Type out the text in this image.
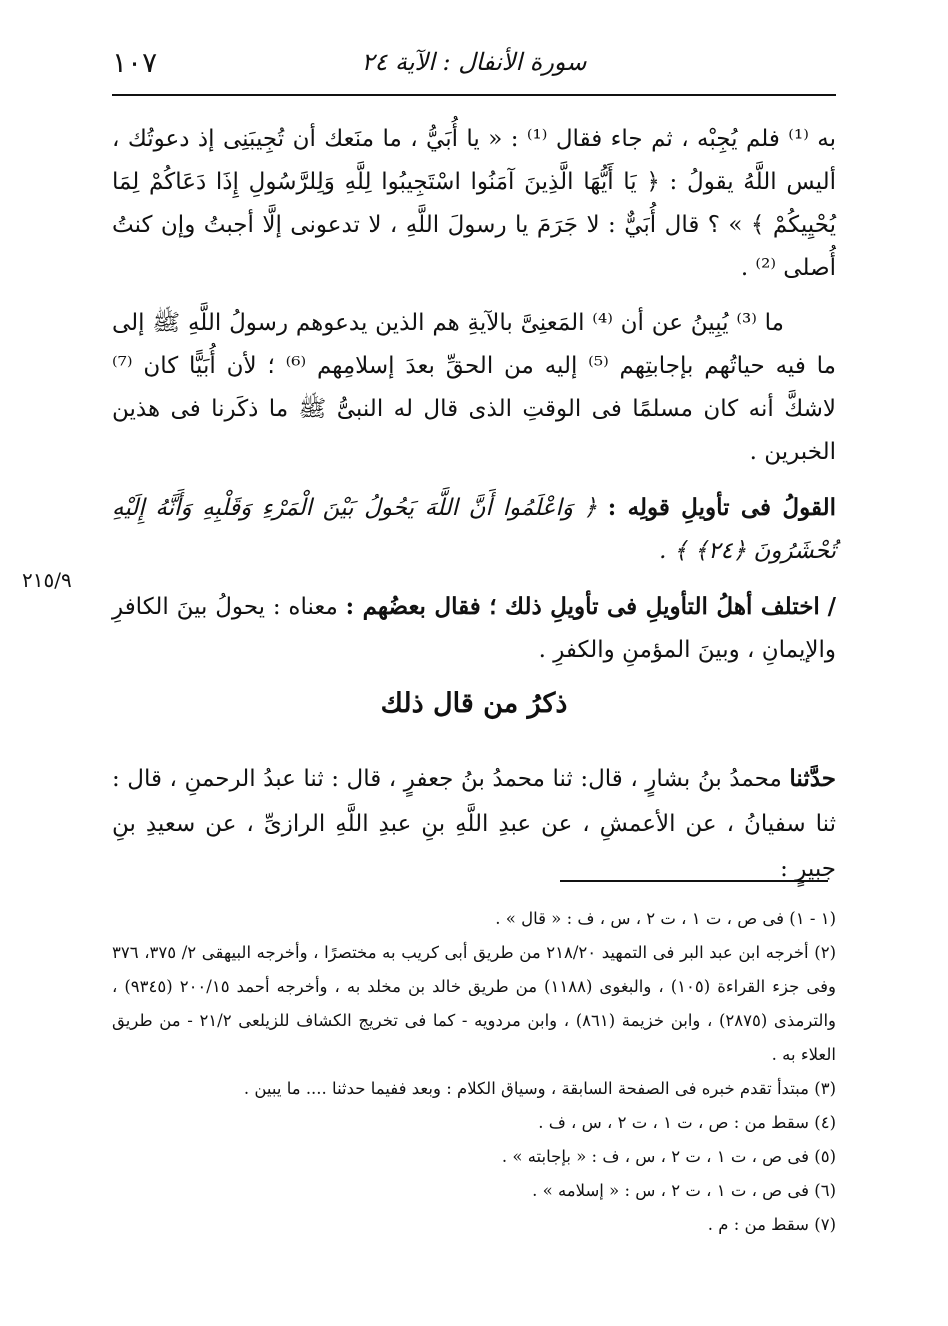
١٠٧	سورة الأنفال : الآية ٢٤

به ⁽¹⁾ فلم يُجِبْه ، ثم جاء فقال ⁽¹⁾ : « يا أُبَيُّ ، ما منَعك أن تُجِيبَنِى إذ دعوتُك ، أليس اللَّهُ يقولُ : ﴿ يَا أَيُّهَا الَّذِينَ آمَنُوا اسْتَجِيبُوا لِلَّهِ وَلِلرَّسُولِ إِذَا دَعَاكُمْ لِمَا يُحْيِيكُمْ ﴾ » ؟ قال أُبَيٌّ : لا جَرَمَ يا رسولَ اللَّهِ ، لا تدعونى إلَّا أجبتُ وإن كنتُ أُصلى ⁽²⁾ .

ما ⁽³⁾ يُبِينُ عن أن ⁽⁴⁾ المَعنِىَّ بالآيةِ هم الذين يدعوهم رسولُ اللَّهِ ﷺ إلى ما فيه حياتُهم بإجابتِهم ⁽⁵⁾ إليه من الحقِّ بعدَ إسلامِهم ⁽⁶⁾ ؛ لأن أُبَيًّا كان ⁽⁷⁾ لاشكَّ أنه كان مسلمًا فى الوقتِ الذى قال له النبىُّ ﷺ ما ذكَرنا فى هذين الخبرين .

القولُ فى تأويلِ قولِه : ﴿ وَاعْلَمُوا أَنَّ اللَّهَ يَحُولُ بَيْنَ الْمَرْءِ وَقَلْبِهِ وَأَنَّهُ إِلَيْهِ تُحْشَرُونَ ﴿٢٤﴾ ﴾ .

/ اختلف أهلُ التأويلِ فى تأويلِ ذلك ؛ فقال بعضُهم : معناه : يحولُ بينَ الكافرِ والإيمانِ ، وبينَ المؤمنِ والكفرِ .

٢١٥/٩
ذكرُ من قال ذلك

حدَّثنا محمدُ بنُ بشارٍ ، قال: ثنا محمدُ بنُ جعفرٍ ، قال : ثنا عبدُ الرحمنِ ، قال : ثنا سفيانُ ، عن الأعمشِ ، عن عبدِ اللَّهِ بنِ عبدِ اللَّهِ الرازىِّ ، عن سعيدِ بنِ جبيرٍ :

(١ - ١) فى ص ، ت ١ ، ت ٢ ، س ، ف : « قال » .
(٢) أخرجه ابن عبد البر فى التمهيد ٢١٨/٢٠ من طريق أبى كريب به مختصرًا ، وأخرجه البيهقى ٢/ ٣٧٥، ٣٧٦ وفى جزء القراءة (١٠٥) ، والبغوى (١١٨٨) من طريق خالد بن مخلد به ، وأخرجه أحمد ٢٠٠/١٥ (٩٣٤٥) ، والترمذى (٢٨٧٥) ، وابن خزيمة (٨٦١) ، وابن مردويه - كما فى تخريج الكشاف للزيلعى ٢١/٢ - من طريق العلاء به .
(٣) مبتدأ تقدم خبره فى الصفحة السابقة ، وسياق الكلام : وبعد ففيما حدثنا .... ما يبين .
(٤) سقط من : ص ، ت ١ ، ت ٢ ، س ، ف .
(٥) فى ص ، ت ١ ، ت ٢ ، س ، ف : « بإجابته » .
(٦) فى ص ، ت ١ ، ت ٢ ، س : « إسلامه » .
(٧) سقط من : م .
